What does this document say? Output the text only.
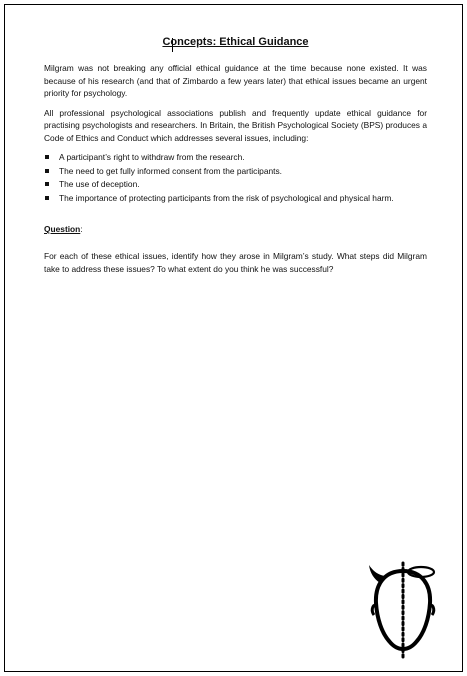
Concepts: Ethical Guidance

Milgram was not breaking any official ethical guidance at the time because none existed. It was because of his research (and that of Zimbardo a few years later) that ethical issues became an urgent priority for psychology.

All professional psychological associations publish and frequently update ethical guidance for practising psychologists and researchers. In Britain, the British Psychological Society (BPS) produces a Code of Ethics and Conduct which addresses several issues, including:

A participant’s right to withdraw from the research.
The need to get fully informed consent from the participants.
The use of deception.
The importance of protecting participants from the risk of psychological and physical harm.
Question:

For each of these ethical issues, identify how they arose in Milgram’s study. What steps did Milgram take to address these issues? To what extent do you think he was successful?
